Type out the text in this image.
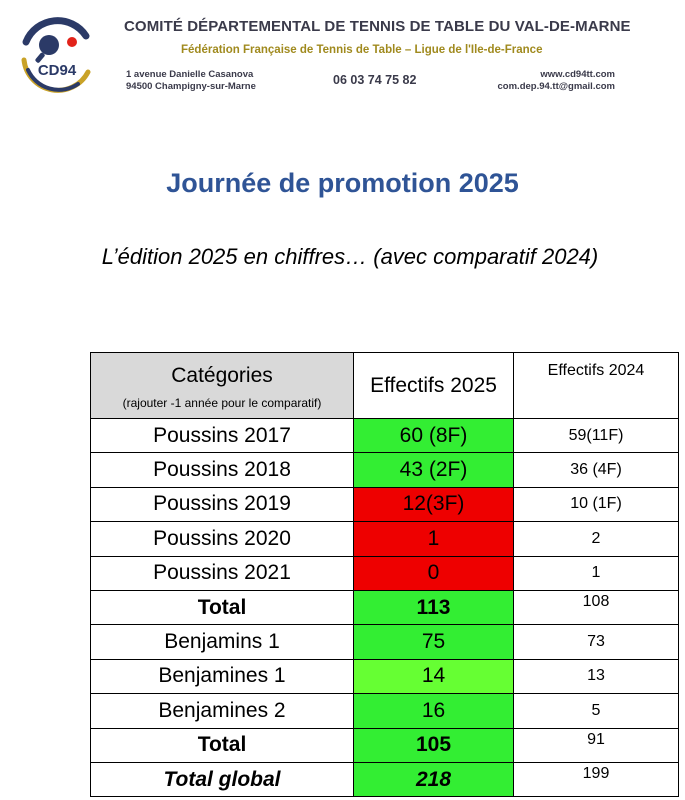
CD94
COMITÉ DÉPARTEMENTAL DE TENNIS DE TABLE DU VAL-DE-MARNE
Fédération Française de Tennis de Table – Ligue de l'Ile-de-France
1 avenue Danielle Casanova
94500 Champigny-sur-Marne	06 03 74 75 82	www.cd94tt.com
com.dep.94.tt@gmail.com
Journée de promotion 2025
L’édition 2025 en chiffres… (avec comparatif 2024)
Catégories
(rajouter -1 année pour le comparatif)	Effectifs 2025	Effectifs 2024
Poussins 2017	60 (8F)	59(11F)
Poussins 2018	43 (2F)	36 (4F)
Poussins 2019	12(3F)	10 (1F)
Poussins 2020	1	2
Poussins 2021	0	1
Total	113	108
Benjamins 1	75	73
Benjamines 1	14	13
Benjamines 2	16	5
Total	105	91
Total global	218	199
